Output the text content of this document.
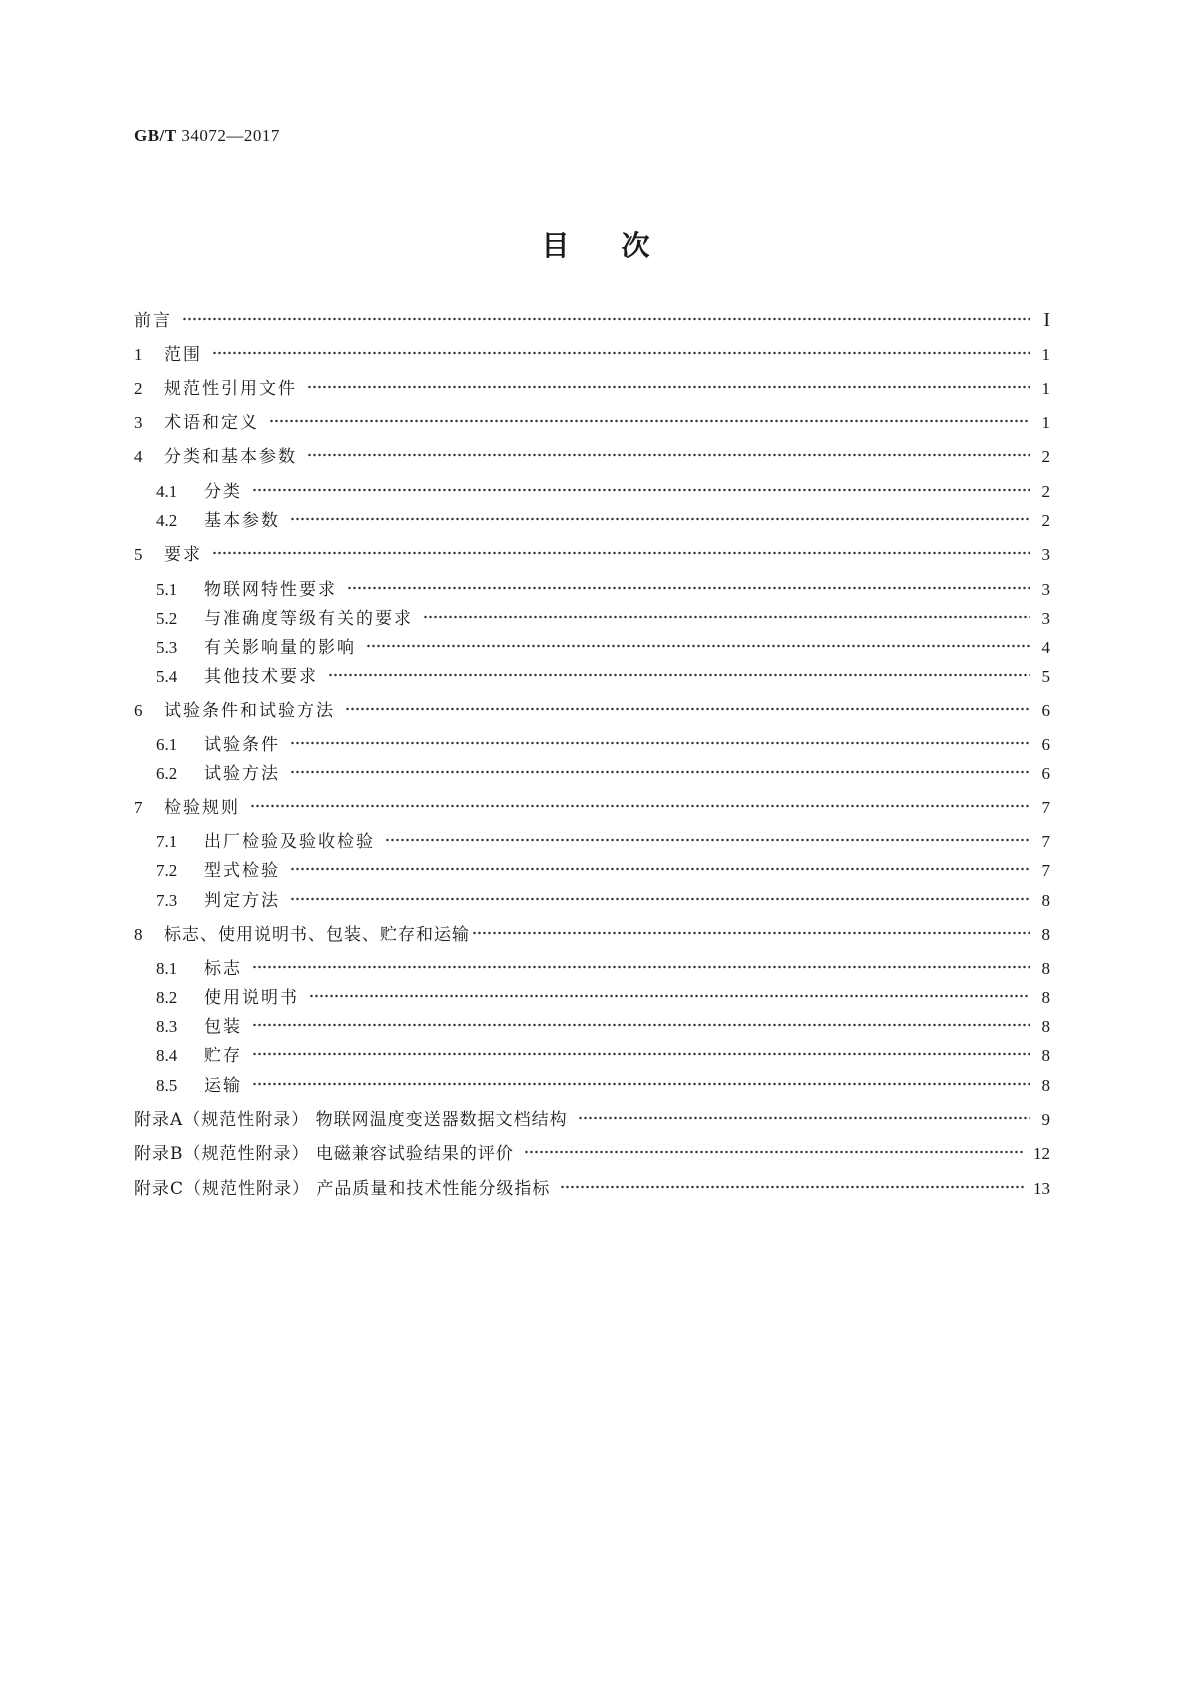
GB/T 34072—2017
目次
前言	I
1	范围	1
2	规范性引用文件	1
3	术语和定义	1
4	分类和基本参数	2
4.1	分类	2
4.2	基本参数	2
5	要求	3
5.1	物联网特性要求	3
5.2	与准确度等级有关的要求	3
5.3	有关影响量的影响	4
5.4	其他技术要求	5
6	试验条件和试验方法	6
6.1	试验条件	6
6.2	试验方法	6
7	检验规则	7
7.1	出厂检验及验收检验	7
7.2	型式检验	7
7.3	判定方法	8
8	标志、使用说明书、包装、贮存和运输	8
8.1	标志	8
8.2	使用说明书	8
8.3	包装	8
8.4	贮存	8
8.5	运输	8
附录A（规范性附录） 物联网温度变送器数据文档结构	9
附录B（规范性附录） 电磁兼容试验结果的评价	12
附录C（规范性附录） 产品质量和技术性能分级指标	13
